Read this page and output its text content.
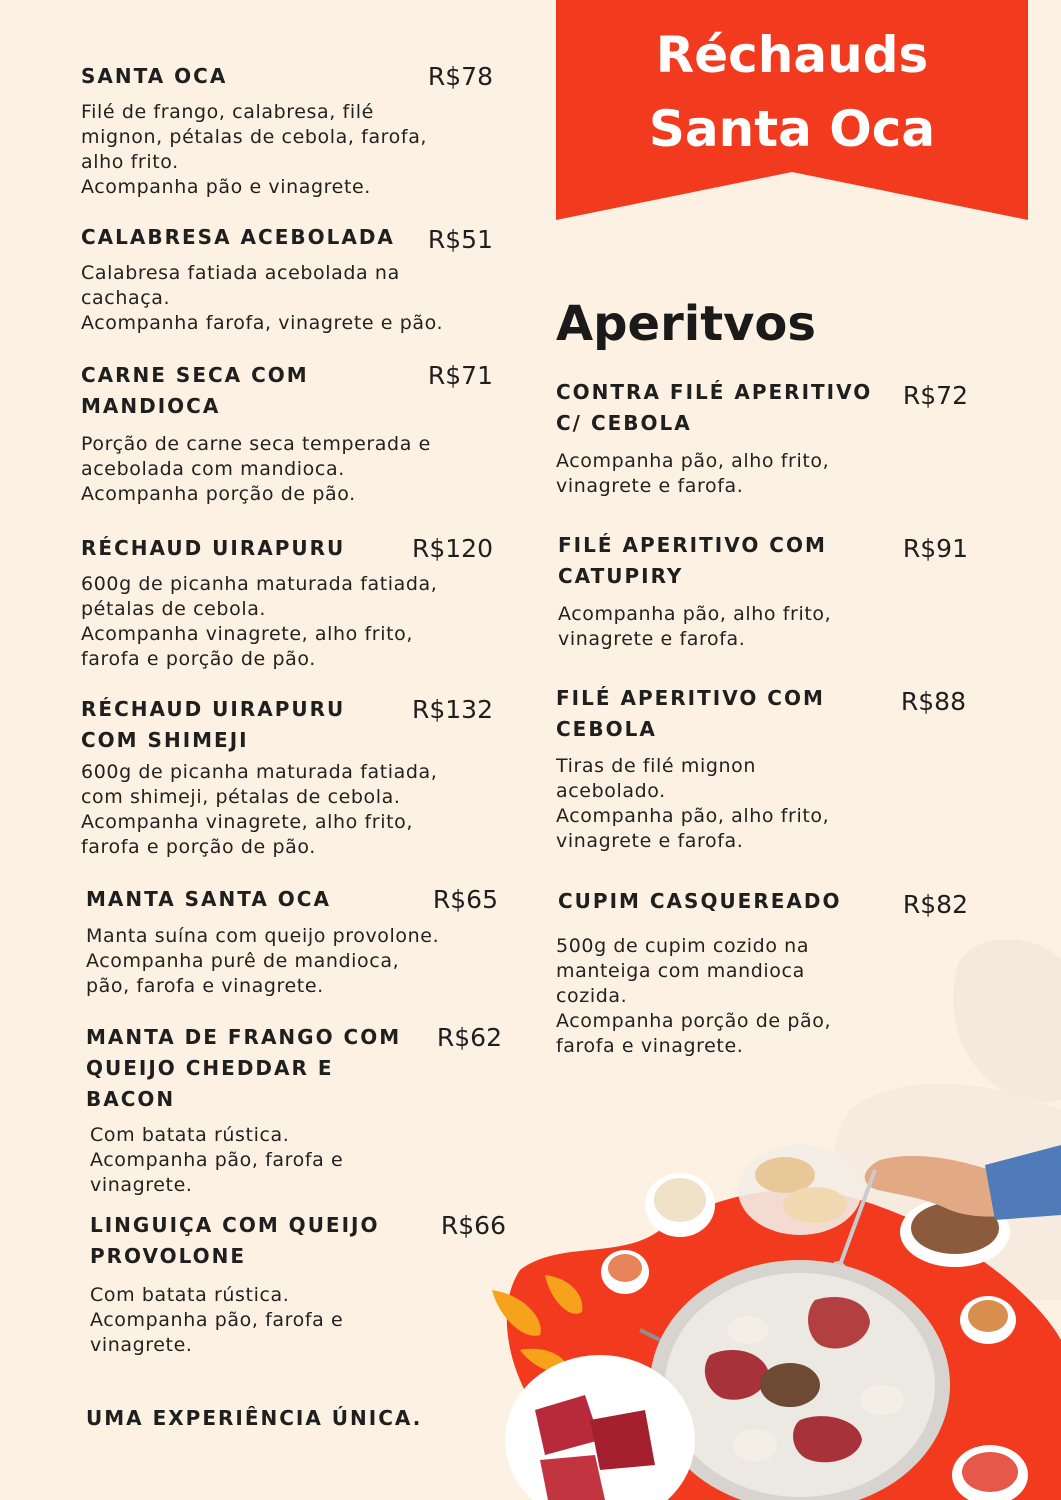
Réchauds
Santa Oca
Aperitvos
SANTA OCA	R$78
Filé de frango, calabresa, filé
mignon, pétalas de cebola, farofa,
alho frito.
Acompanha pão e vinagrete.
CALABRESA ACEBOLADA R$51
Calabresa fatiada acebolada na
cachaça.
Acompanha farofa, vinagrete e pão.
CARNE SECA COM
MANDIOCA
R$71
Porção de carne seca temperada e
acebolada com mandioca.
Acompanha porção de pão.
RÉCHAUD UIRAPURU	R$120
600g de picanha maturada fatiada,
pétalas de cebola.
Acompanha vinagrete, alho frito,
farofa e porção de pão.
RÉCHAUD UIRAPURU
COM SHIMEJI
R$132
600g de picanha maturada fatiada,
com shimeji, pétalas de cebola.
Acompanha vinagrete, alho frito,
farofa e porção de pão.
MANTA SANTA OCA	R$65
Manta suína com queijo provolone.
Acompanha purê de mandioca,
pão, farofa e vinagrete.
MANTA DE FRANGO COM
QUEIJO CHEDDAR E
BACON
R$62
Com batata rústica.
Acompanha pão, farofa e
vinagrete.
LINGUIÇA COM QUEIJO
PROVOLONE
R$66
Com batata rústica.
Acompanha pão, farofa e
vinagrete.
CONTRA FILÉ APERITIVO
C/ CEBOLA
R$72
Acompanha pão, alho frito,
vinagrete e farofa.
FILÉ APERITIVO COM
CATUPIRY
R$91
Acompanha pão, alho frito,
vinagrete e farofa.
FILÉ APERITIVO COM
CEBOLA
R$88
Tiras de filé mignon
acebolado.
Acompanha pão, alho frito,
vinagrete e farofa.
CUPIM CASQUEREADO R$82
500g de cupim cozido na
manteiga com mandioca
cozida.
Acompanha porção de pão,
farofa e vinagrete.
UMA EXPERIÊNCIA ÚNICA.
